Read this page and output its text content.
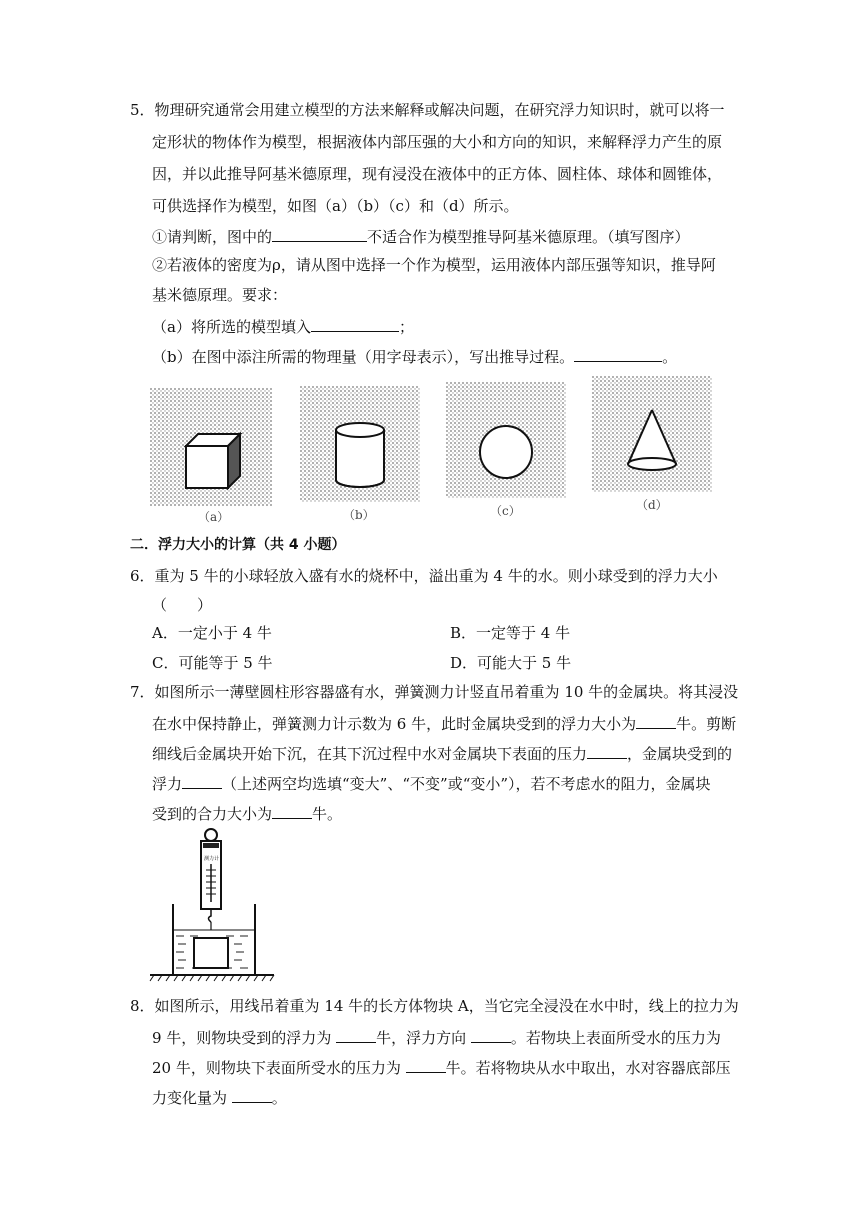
5．物理研究通常会用建立模型的方法来解释或解决问题，在研究浮力知识时，就可以将一
定形状的物体作为模型，根据液体内部压强的大小和方向的知识，来解释浮力产生的原
因，并以此推导阿基米德原理，现有浸没在液体中的正方体、圆柱体、球体和圆锥体，
可供选择作为模型，如图（a）（b）（c）和（d）所示。
①请判断，图中的	不适合作为模型推导阿基米德原理。（填写图序）
②若液体的密度为ρ，请从图中选择一个作为模型，运用液体内部压强等知识，推导阿
基米德原理。要求：
（a）将所选的模型填入	；
（b）在图中添注所需的物理量（用字母表示），写出推导过程。	。
（a）	（b）	（c）	（d）
二．浮力大小的计算（共 4 小题）
6．重为 5 牛的小球轻放入盛有水的烧杯中，溢出重为 4 牛的水。则小球受到的浮力大小
（　　）
A．一定小于 4 牛	B．一定等于 4 牛
C．可能等于 5 牛	D．可能大于 5 牛
7．如图所示一薄壁圆柱形容器盛有水，弹簧测力计竖直吊着重为 10 牛的金属块。将其浸没
在水中保持静止，弹簧测力计示数为 6 牛，此时金属块受到的浮力大小为	牛。剪断
细线后金属块开始下沉，在其下沉过程中水对金属块下表面的压力	，金属块受到的
浮力	（上述两空均选填“变大”、“不变”或“变小”），若不考虑水的阻力，金属块
受到的合力大小为	牛。
测力计
8．如图所示，用线吊着重为 14 牛的长方体物块 A，当它完全浸没在水中时，线上的拉力为
9 牛，则物块受到的浮力为	牛，浮力方向	。若物块上表面所受水的压力为
20 牛，则物块下表面所受水的压力为	牛。若将物块从水中取出，水对容器底部压
力变化量为	。
